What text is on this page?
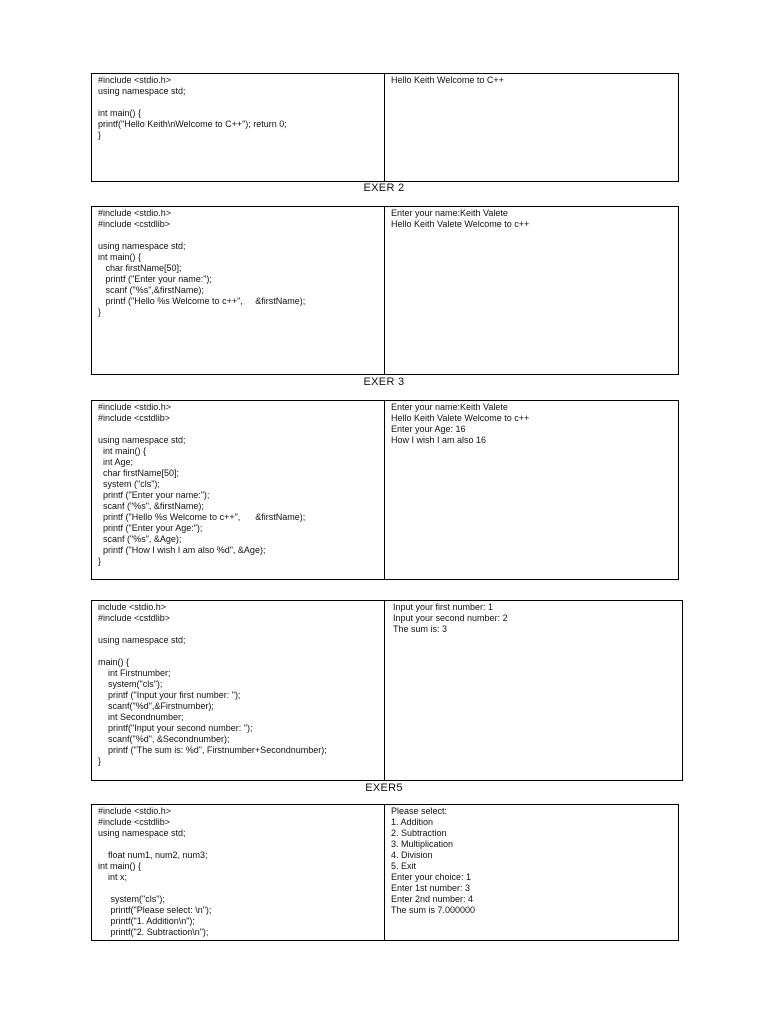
#include <stdio.h>
using namespace std;
int main() {
printf("Hello Keith\nWelcome to C++"); return 0;
}
Hello Keith Welcome to C++
EXER 2
#include <stdio.h>
#include <cstdlib>
using namespace std;
int main() {
char firstName[50];
printf ("Enter your name:");
scanf ("%s",&firstName);
printf ("Hello %s Welcome to c++",     &firstName);
}
Enter your name:Keith Valete
Hello Keith Valete Welcome to c++
EXER 3
#include <stdio.h>
#include <cstdlib>
using namespace std;
int main() {
int Age;
char firstName[50];
system ("cls");
printf ("Enter your name:");
scanf ("%s", &firstName);
printf ("Hello %s Welcome to c++",      &firstName);
printf ("Enter your Age:");
scanf ("%s", &Age);
printf ("How I wish I am also %d", &Age);
}
Enter your name:Keith Valete
Hello Keith Valete Welcome to c++
Enter your Age: 16
How I wish I am also 16
include <stdio.h>
#include <cstdlib>
using namespace std;
main() {
int Firstnumber;
system("cls");
printf ("Input your first number: ");
scanf("%d",&Firstnumber);
int Secondnumber;
printf("Input your second number: ");
scanf("%d", &Secondnumber);
printf ("The sum is: %d", Firstnumber+Secondnumber);
}
Input your first number: 1
Input your second number: 2
The sum is: 3
EXER5
#include <stdio.h>
#include <cstdlib>
using namespace std;
float num1, num2, num3;
int main() {
int x;
system("cls");
printf("Please select: \n");
printf("1. Addition\n");
printf("2. Subtraction\n");
Please select:
1. Addition
2. Subtraction
3. Multiplication
4. Division
5. Exit
Enter your choice: 1
Enter 1st number: 3
Enter 2nd number: 4
The sum is 7.000000
